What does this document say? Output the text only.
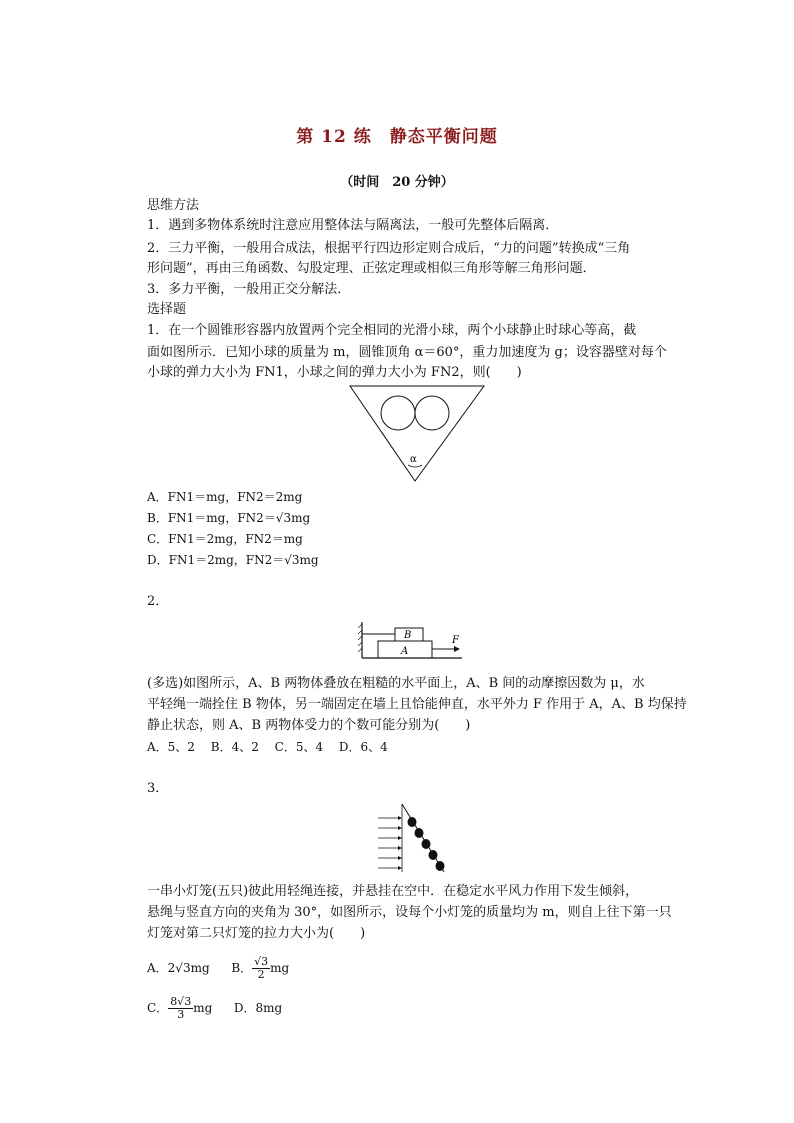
第 12 练　静态平衡问题
（时间　20 分钟）
思维方法
1．遇到多物体系统时注意应用整体法与隔离法，一般可先整体后隔离．
2．三力平衡，一般用合成法，根据平行四边形定则合成后，“力的问题”转换成“三角
形问题”，再由三角函数、勾股定理、正弦定理或相似三角形等解三角形问题．
3．多力平衡，一般用正交分解法．
选择题
1．在一个圆锥形容器内放置两个完全相同的光滑小球，两个小球静止时球心等高，截
面如图所示．已知小球的质量为 m，圆锥顶角 α＝60°，重力加速度为 g；设容器壁对每个
小球的弹力大小为 FN1，小球之间的弹力大小为 FN2，则(　　)
α
A．FN1＝mg，FN2＝2mg
B．FN1＝mg，FN2＝√3mg
C．FN1＝2mg，FN2＝mg
D．FN1＝2mg，FN2＝√3mg
2．
B
A
F
(多选)如图所示，A、B 两物体叠放在粗糙的水平面上，A、B 间的动摩擦因数为 μ，水
平轻绳一端拴住 B 物体，另一端固定在墙上且恰能伸直，水平外力 F 作用于 A，A、B 均保持
静止状态，则 A、B 两物体受力的个数可能分别为(　　)
A．5、2　 B．4、2　 C．5、4　 D．6、4
3．
一串小灯笼(五只)彼此用轻绳连接，并悬挂在空中．在稳定水平风力作用下发生倾斜，
悬绳与竖直方向的夹角为 30°，如图所示，设每个小灯笼的质量均为 m，则自上往下第一只
灯笼对第二只灯笼的拉力大小为(　　)
A．2√3mg B． $\frac{√3}{2}$ mg
C． $\frac{8√3}{3}$ mg D．8mg
